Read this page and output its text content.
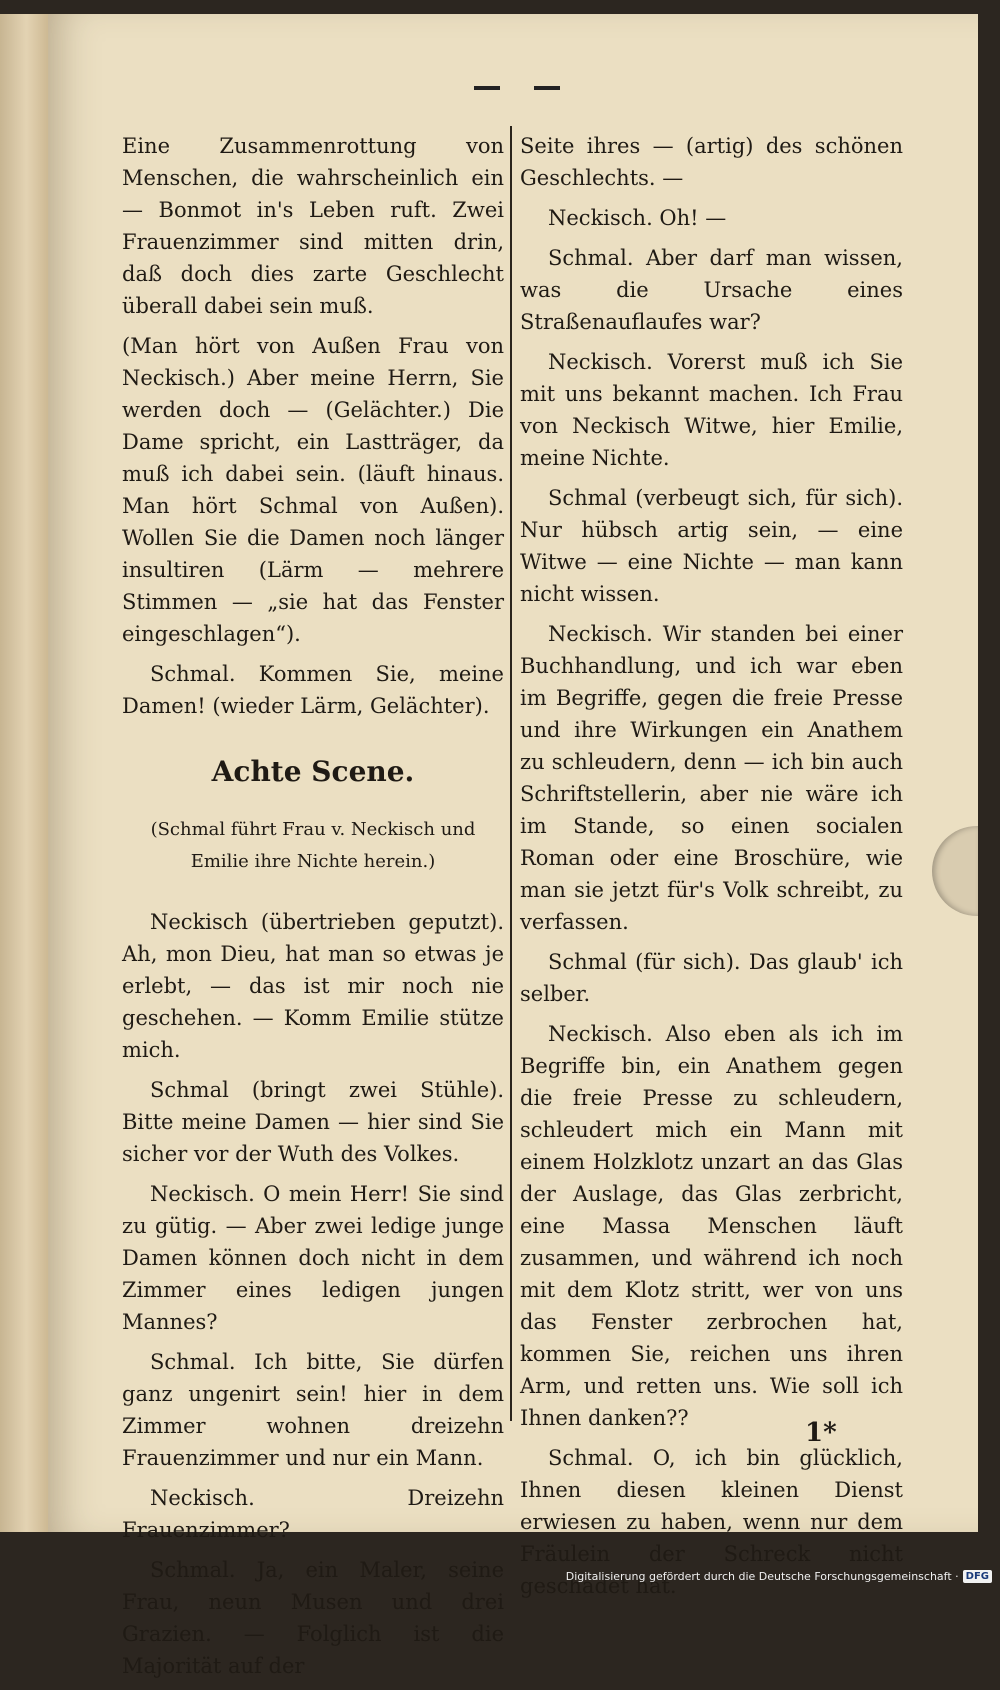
Eine Zusammenrottung von Menschen, die wahrscheinlich ein — Bonmot in's Leben ruft. Zwei Frauenzimmer sind mitten drin, daß doch dies zarte Geschlecht überall dabei sein muß.

(Man hört von Außen Frau von Neckisch.) Aber meine Herrn, Sie werden doch — (Gelächter.) Die Dame spricht, ein Lastträger, da muß ich dabei sein. (läuft hinaus. Man hört Schmal von Außen). Wollen Sie die Damen noch länger insultiren (Lärm — mehrere Stimmen — „sie hat das Fenster eingeschlagen“).

Schmal. Kommen Sie, meine Damen! (wieder Lärm, Gelächter).

Achte Scene.
(Schmal führt Frau v. Neckisch und Emilie ihre Nichte herein.)

Neckisch (übertrieben geputzt). Ah, mon Dieu, hat man so etwas je erlebt, — das ist mir noch nie geschehen. — Komm Emilie stütze mich.

Schmal (bringt zwei Stühle). Bitte meine Damen — hier sind Sie sicher vor der Wuth des Volkes.

Neckisch. O mein Herr! Sie sind zu gütig. — Aber zwei ledige junge Damen können doch nicht in dem Zimmer eines ledigen jungen Mannes?

Schmal. Ich bitte, Sie dürfen ganz ungenirt sein! hier in dem Zimmer wohnen dreizehn Frauenzimmer und nur ein Mann.

Neckisch. Dreizehn Frauenzimmer?

Schmal. Ja, ein Maler, seine Frau, neun Musen und drei Grazien. — Folglich ist die Majorität auf der

Seite ihres — (artig) des schönen Geschlechts. —

Neckisch. Oh! —

Schmal. Aber darf man wissen, was die Ursache eines Straßenauflaufes war?

Neckisch. Vorerst muß ich Sie mit uns bekannt machen. Ich Frau von Neckisch Witwe, hier Emilie, meine Nichte.

Schmal (verbeugt sich, für sich). Nur hübsch artig sein, — eine Witwe — eine Nichte — man kann nicht wissen.

Neckisch. Wir standen bei einer Buchhandlung, und ich war eben im Begriffe, gegen die freie Presse und ihre Wirkungen ein Anathem zu schleudern, denn — ich bin auch Schriftstellerin, aber nie wäre ich im Stande, so einen socialen Roman oder eine Broschüre, wie man sie jetzt für's Volk schreibt, zu verfassen.

Schmal (für sich). Das glaub' ich selber.

Neckisch. Also eben als ich im Begriffe bin, ein Anathem gegen die freie Presse zu schleudern, schleudert mich ein Mann mit einem Holzklotz unzart an das Glas der Auslage, das Glas zerbricht, eine Massa Menschen läuft zusammen, und während ich noch mit dem Klotz stritt, wer von uns das Fenster zerbrochen hat, kommen Sie, reichen uns ihren Arm, und retten uns. Wie soll ich Ihnen danken??

Schmal. O, ich bin glücklich, Ihnen diesen kleinen Dienst erwiesen zu haben, wenn nur dem Fräulein der Schreck nicht geschadet hat.

1*
Digitalisierung gefördert durch die Deutsche Forschungsgemeinschaft · DFG
